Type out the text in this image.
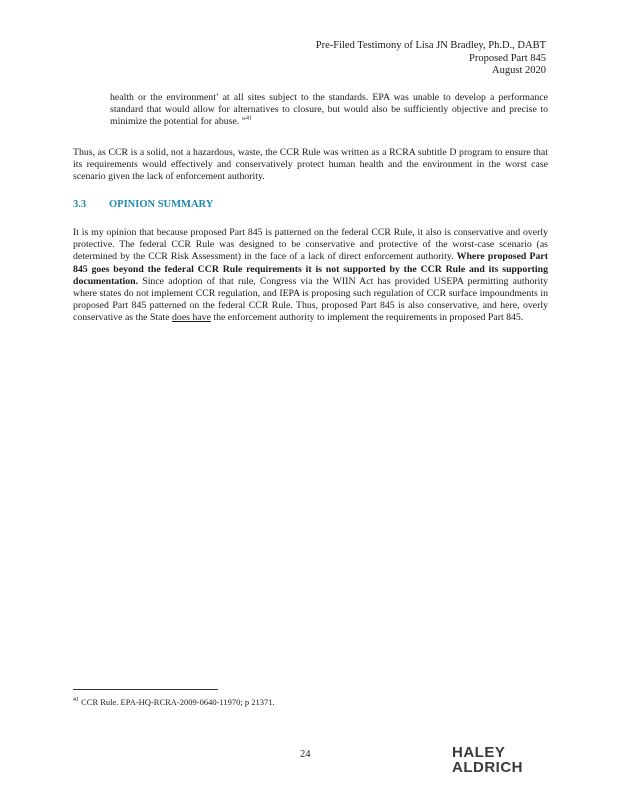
Pre-Filed Testimony of Lisa JN Bradley, Ph.D., DABT
Proposed Part 845
August 2020
health or the environment’ at all sites subject to the standards. EPA was unable to develop a performance standard that would allow for alternatives to closure, but would also be sufficiently objective and precise to minimize the potential for abuse. ”$^{41}$
Thus, as CCR is a solid, not a hazardous, waste, the CCR Rule was written as a RCRA subtitle D program to ensure that its requirements would effectively and conservatively protect human health and the environment in the worst case scenario given the lack of enforcement authority.
3.3 OPINION SUMMARY
It is my opinion that because proposed Part 845 is patterned on the federal CCR Rule, it also is conservative and overly protective. The federal CCR Rule was designed to be conservative and protective of the worst-case scenario (as determined by the CCR Risk Assessment) in the face of a lack of direct enforcement authority. Where proposed Part 845 goes beyond the federal CCR Rule requirements it is not supported by the CCR Rule and its supporting documentation. Since adoption of that rule, Congress via the WIIN Act has provided USEPA permitting authority where states do not implement CCR regulation, and IEPA is proposing such regulation of CCR surface impoundments in proposed Part 845 patterned on the federal CCR Rule. Thus, proposed Part 845 is also conservative, and here, overly conservative as the State does have the enforcement authority to implement the requirements in proposed Part 845.
$^{41}$ CCR Rule. EPA-HQ-RCRA-2009-0640-11970; p 21371.
24	HALEY
ALDRICH
